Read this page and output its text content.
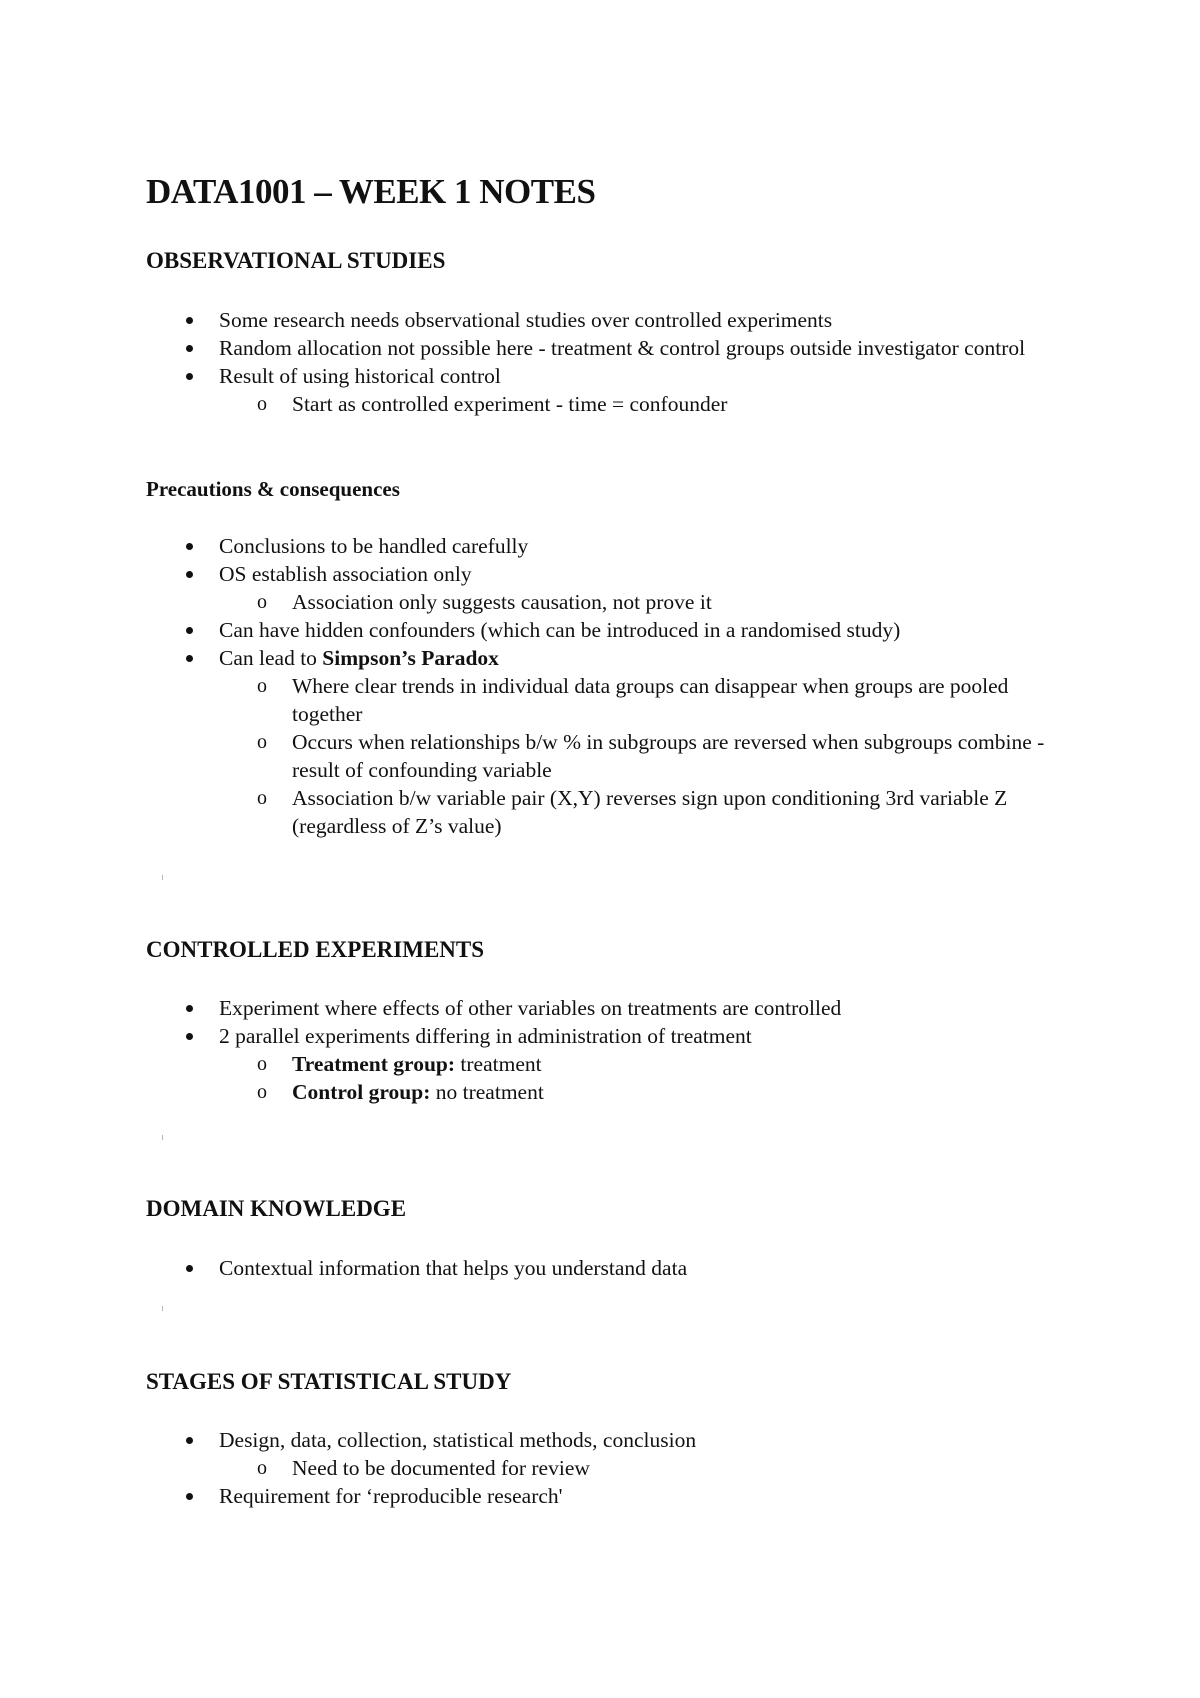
DATA1001 – WEEK 1 NOTES
OBSERVATIONAL STUDIES
Some research needs observational studies over controlled experiments
Random allocation not possible here - treatment & control groups outside investigator control
Result of using historical control
o Start as controlled experiment - time = confounder
Precautions & consequences
Conclusions to be handled carefully
OS establish association only
o Association only suggests causation, not prove it
Can have hidden confounders (which can be introduced in a randomised study)
Can lead to Simpson’s Paradox
o Where clear trends in individual data groups can disappear when groups are pooled together
o Occurs when relationships b/w % in subgroups are reversed when subgroups combine - result of confounding variable
o Association b/w variable pair (X,Y) reverses sign upon conditioning 3rd variable Z (regardless of Z’s value)
CONTROLLED EXPERIMENTS
Experiment where effects of other variables on treatments are controlled
2 parallel experiments differing in administration of treatment
o Treatment group: treatment
o Control group: no treatment
DOMAIN KNOWLEDGE
Contextual information that helps you understand data
STAGES OF STATISTICAL STUDY
Design, data, collection, statistical methods, conclusion
o Need to be documented for review
Requirement for ‘reproducible research'
